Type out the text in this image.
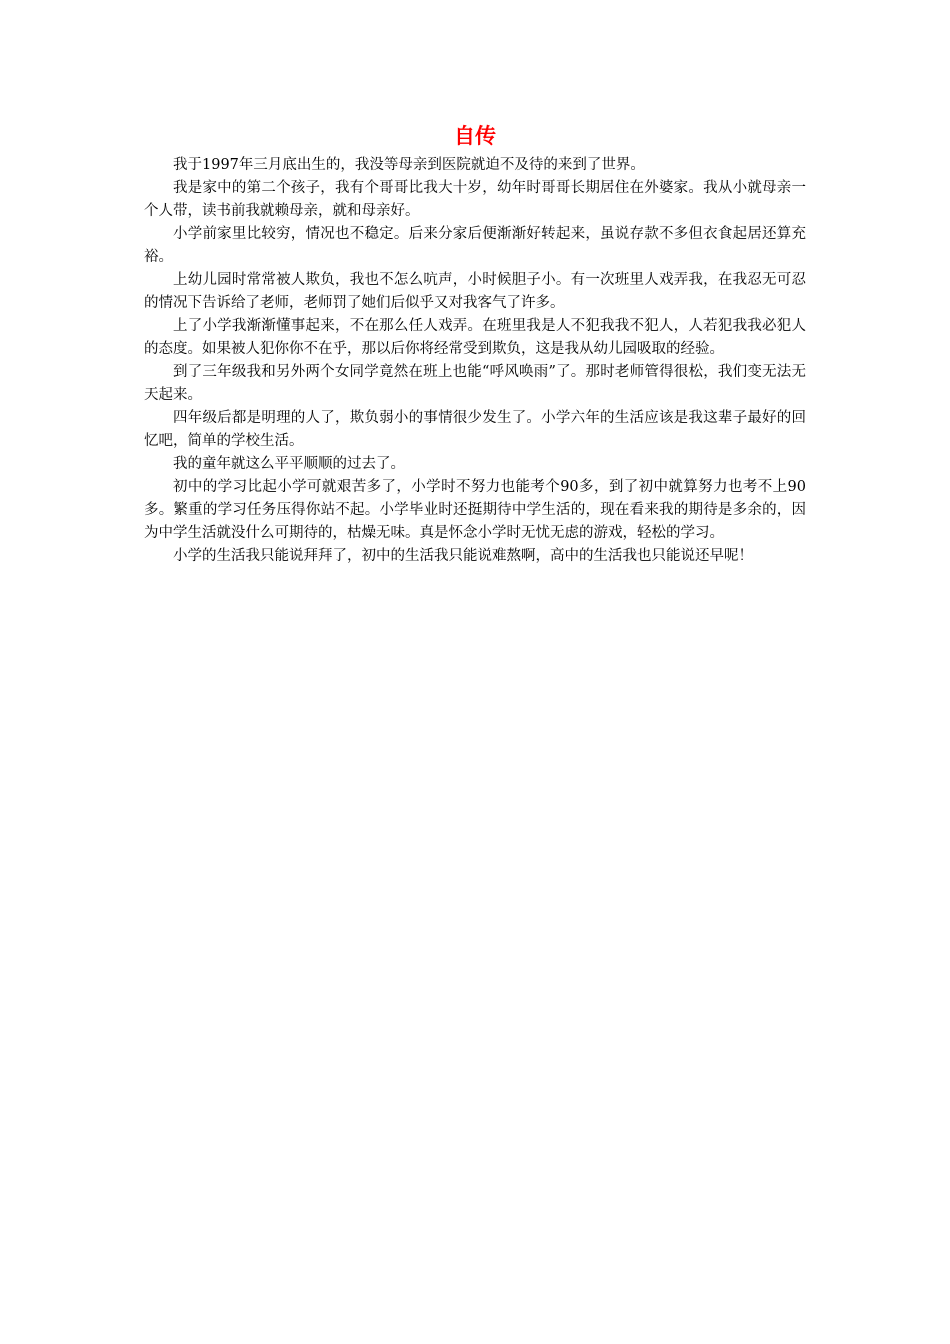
自传

我于1997年三月底出生的，我没等母亲到医院就迫不及待的来到了世界。

我是家中的第二个孩子，我有个哥哥比我大十岁，幼年时哥哥长期居住在外婆家。我从小就母亲一个人带，读书前我就赖母亲，就和母亲好。

小学前家里比较穷，情况也不稳定。后来分家后便渐渐好转起来，虽说存款不多但衣食起居还算充裕。

上幼儿园时常常被人欺负，我也不怎么吭声，小时候胆子小。有一次班里人戏弄我，在我忍无可忍的情况下告诉给了老师，老师罚了她们后似乎又对我客气了许多。

上了小学我渐渐懂事起来，不在那么任人戏弄。在班里我是人不犯我我不犯人，人若犯我我必犯人的态度。如果被人犯你你不在乎，那以后你将经常受到欺负，这是我从幼儿园吸取的经验。

到了三年级我和另外两个女同学竟然在班上也能“呼风唤雨”了。那时老师管得很松，我们变无法无天起来。

四年级后都是明理的人了，欺负弱小的事情很少发生了。小学六年的生活应该是我这辈子最好的回忆吧，简单的学校生活。

我的童年就这么平平顺顺的过去了。

初中的学习比起小学可就艰苦多了，小学时不努力也能考个90多，到了初中就算努力也考不上90多。繁重的学习任务压得你站不起。小学毕业时还挺期待中学生活的，现在看来我的期待是多余的，因为中学生活就没什么可期待的，枯燥无味。真是怀念小学时无忧无虑的游戏，轻松的学习。

小学的生活我只能说拜拜了，初中的生活我只能说难熬啊，高中的生活我也只能说还早呢！
